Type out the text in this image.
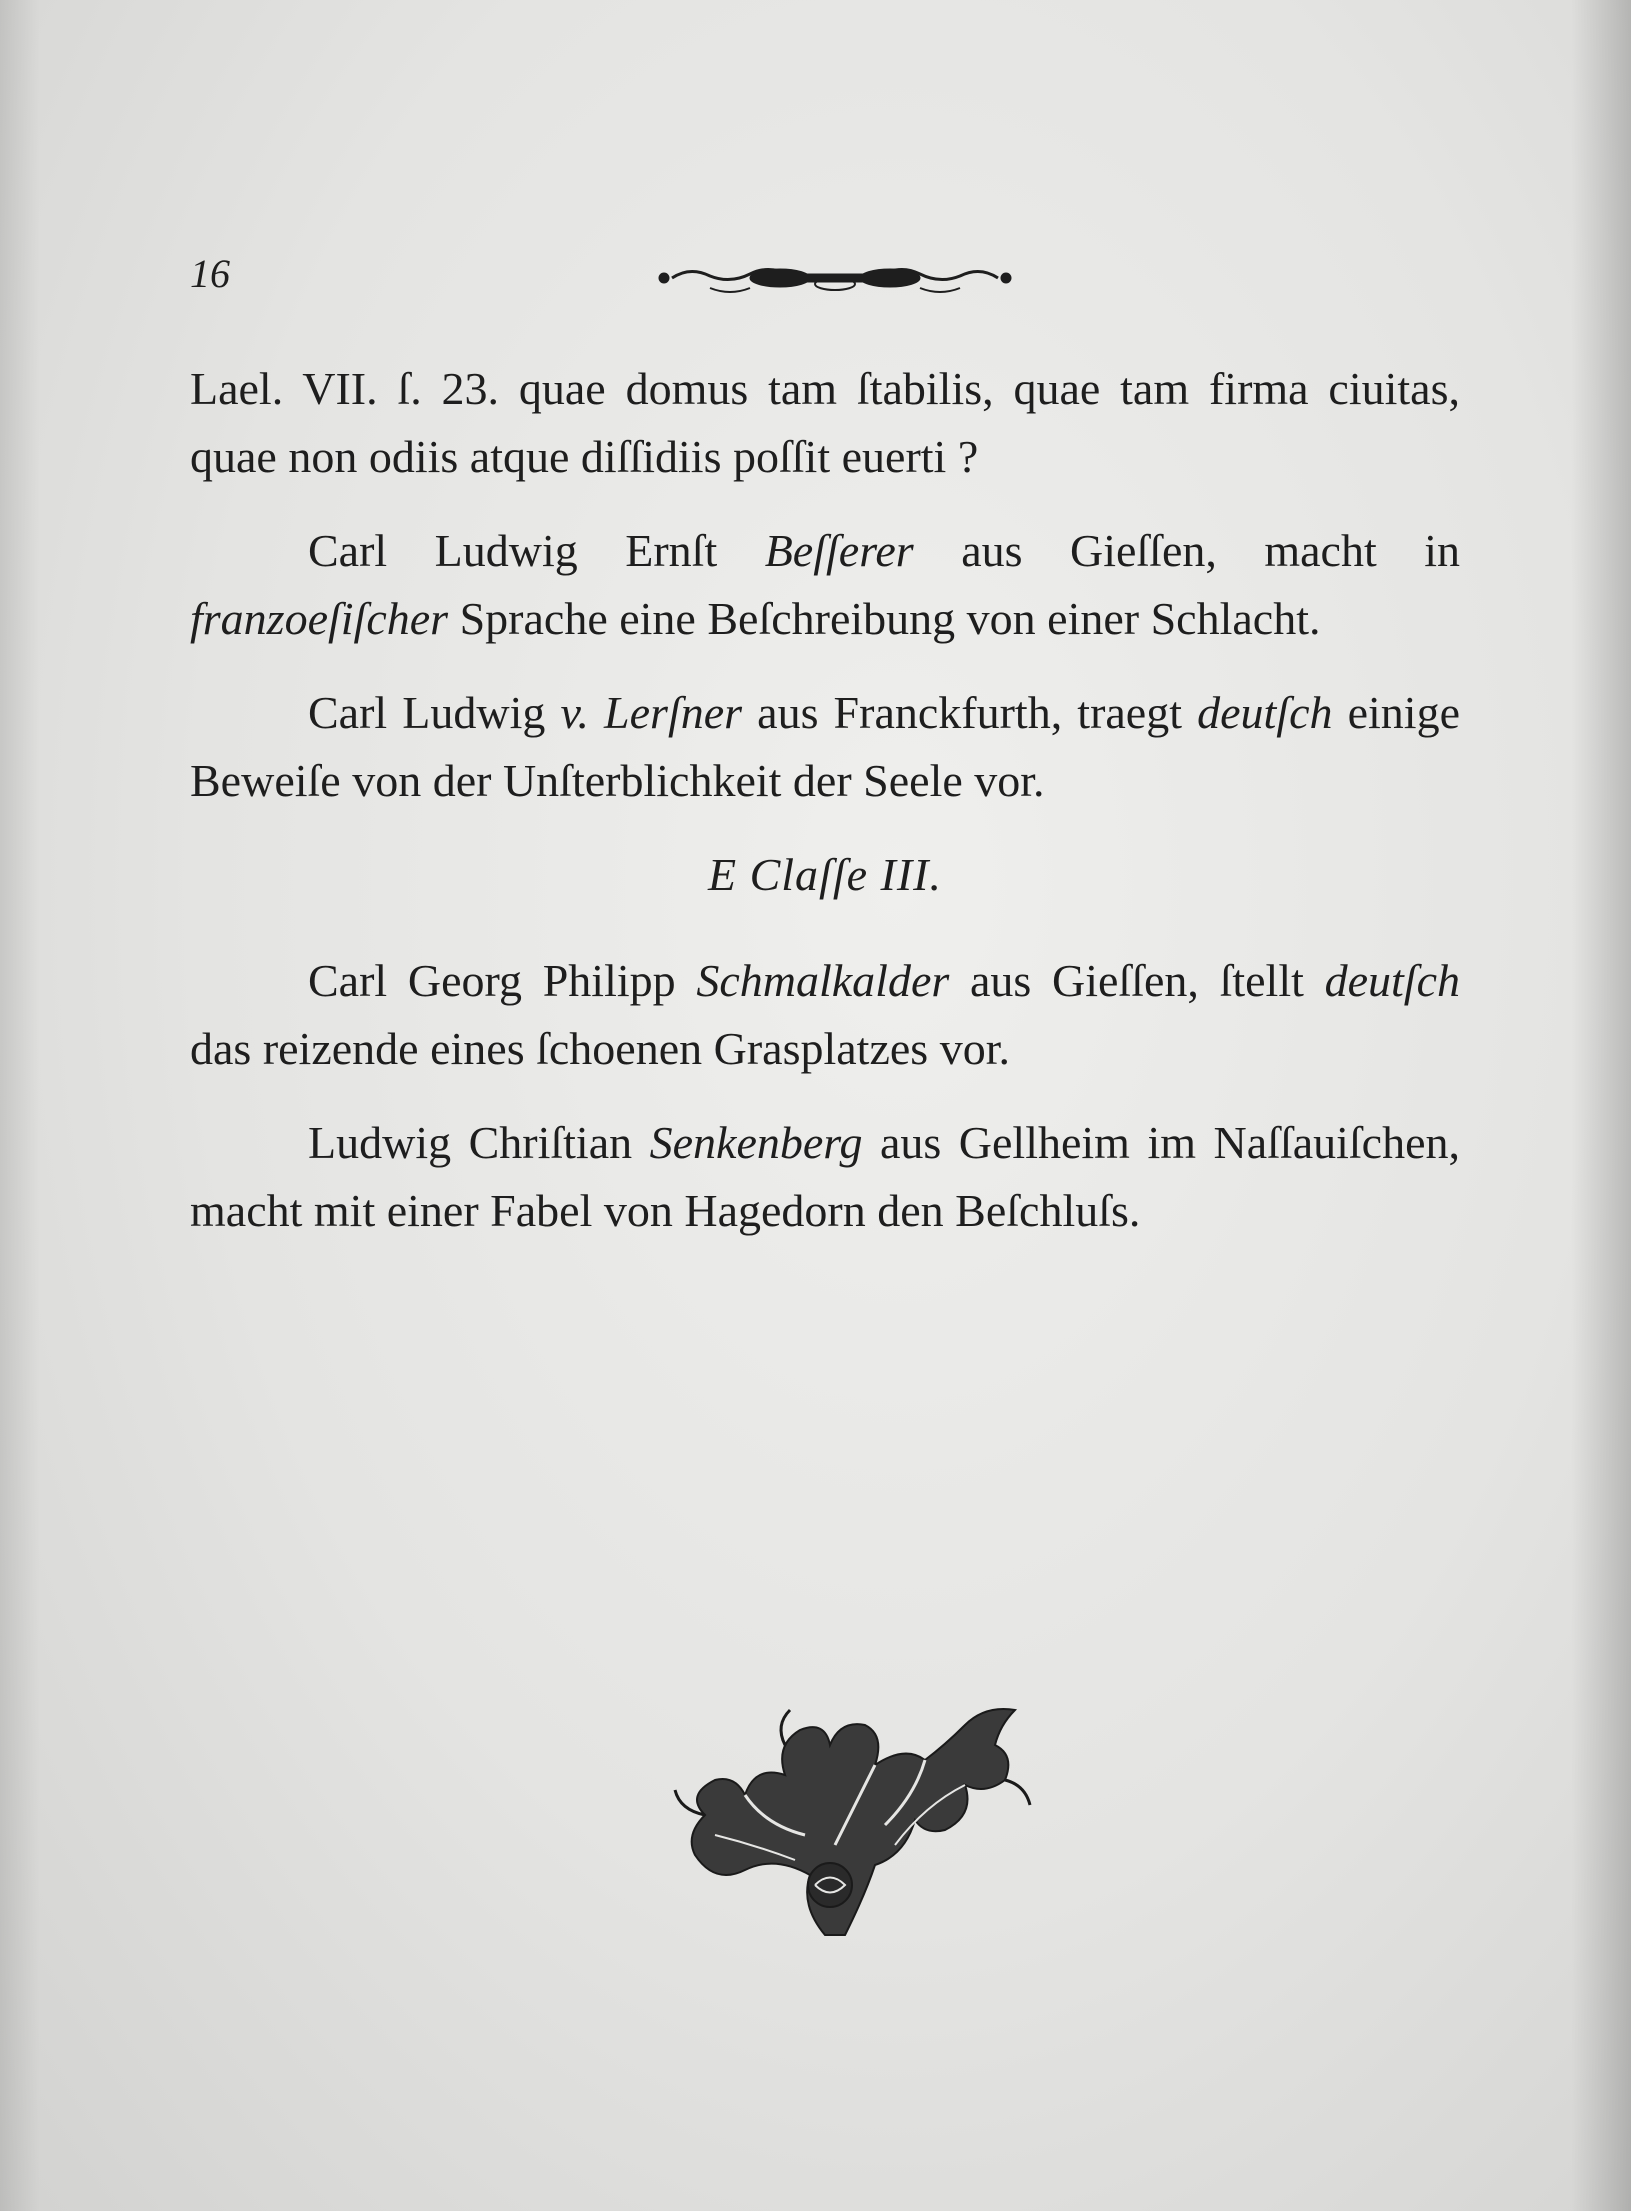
16

Lael. VII. ſ. 23. quae domus tam ſtabilis, quae tam firma ciuitas, quae non odiis atque diſſidiis poſſit euerti ?

Carl Ludwig Ernſt Beſſerer aus Gieſſen, macht in franzoeſiſcher Sprache eine Beſchreibung von einer Schlacht.

Carl Ludwig v. Lerſner aus Franckfurth, traegt deutſch einige Beweiſe von der Unſterblichkeit der Seele vor.

E Claſſe III.

Carl Georg Philipp Schmalkalder aus Gieſſen, ſtellt deutſch das reizende eines ſchoenen Grasplatzes vor.

Ludwig Chriſtian Senkenberg aus Gellheim im Naſſauiſchen, macht mit einer Fabel von Hagedorn den Beſchluſs.
